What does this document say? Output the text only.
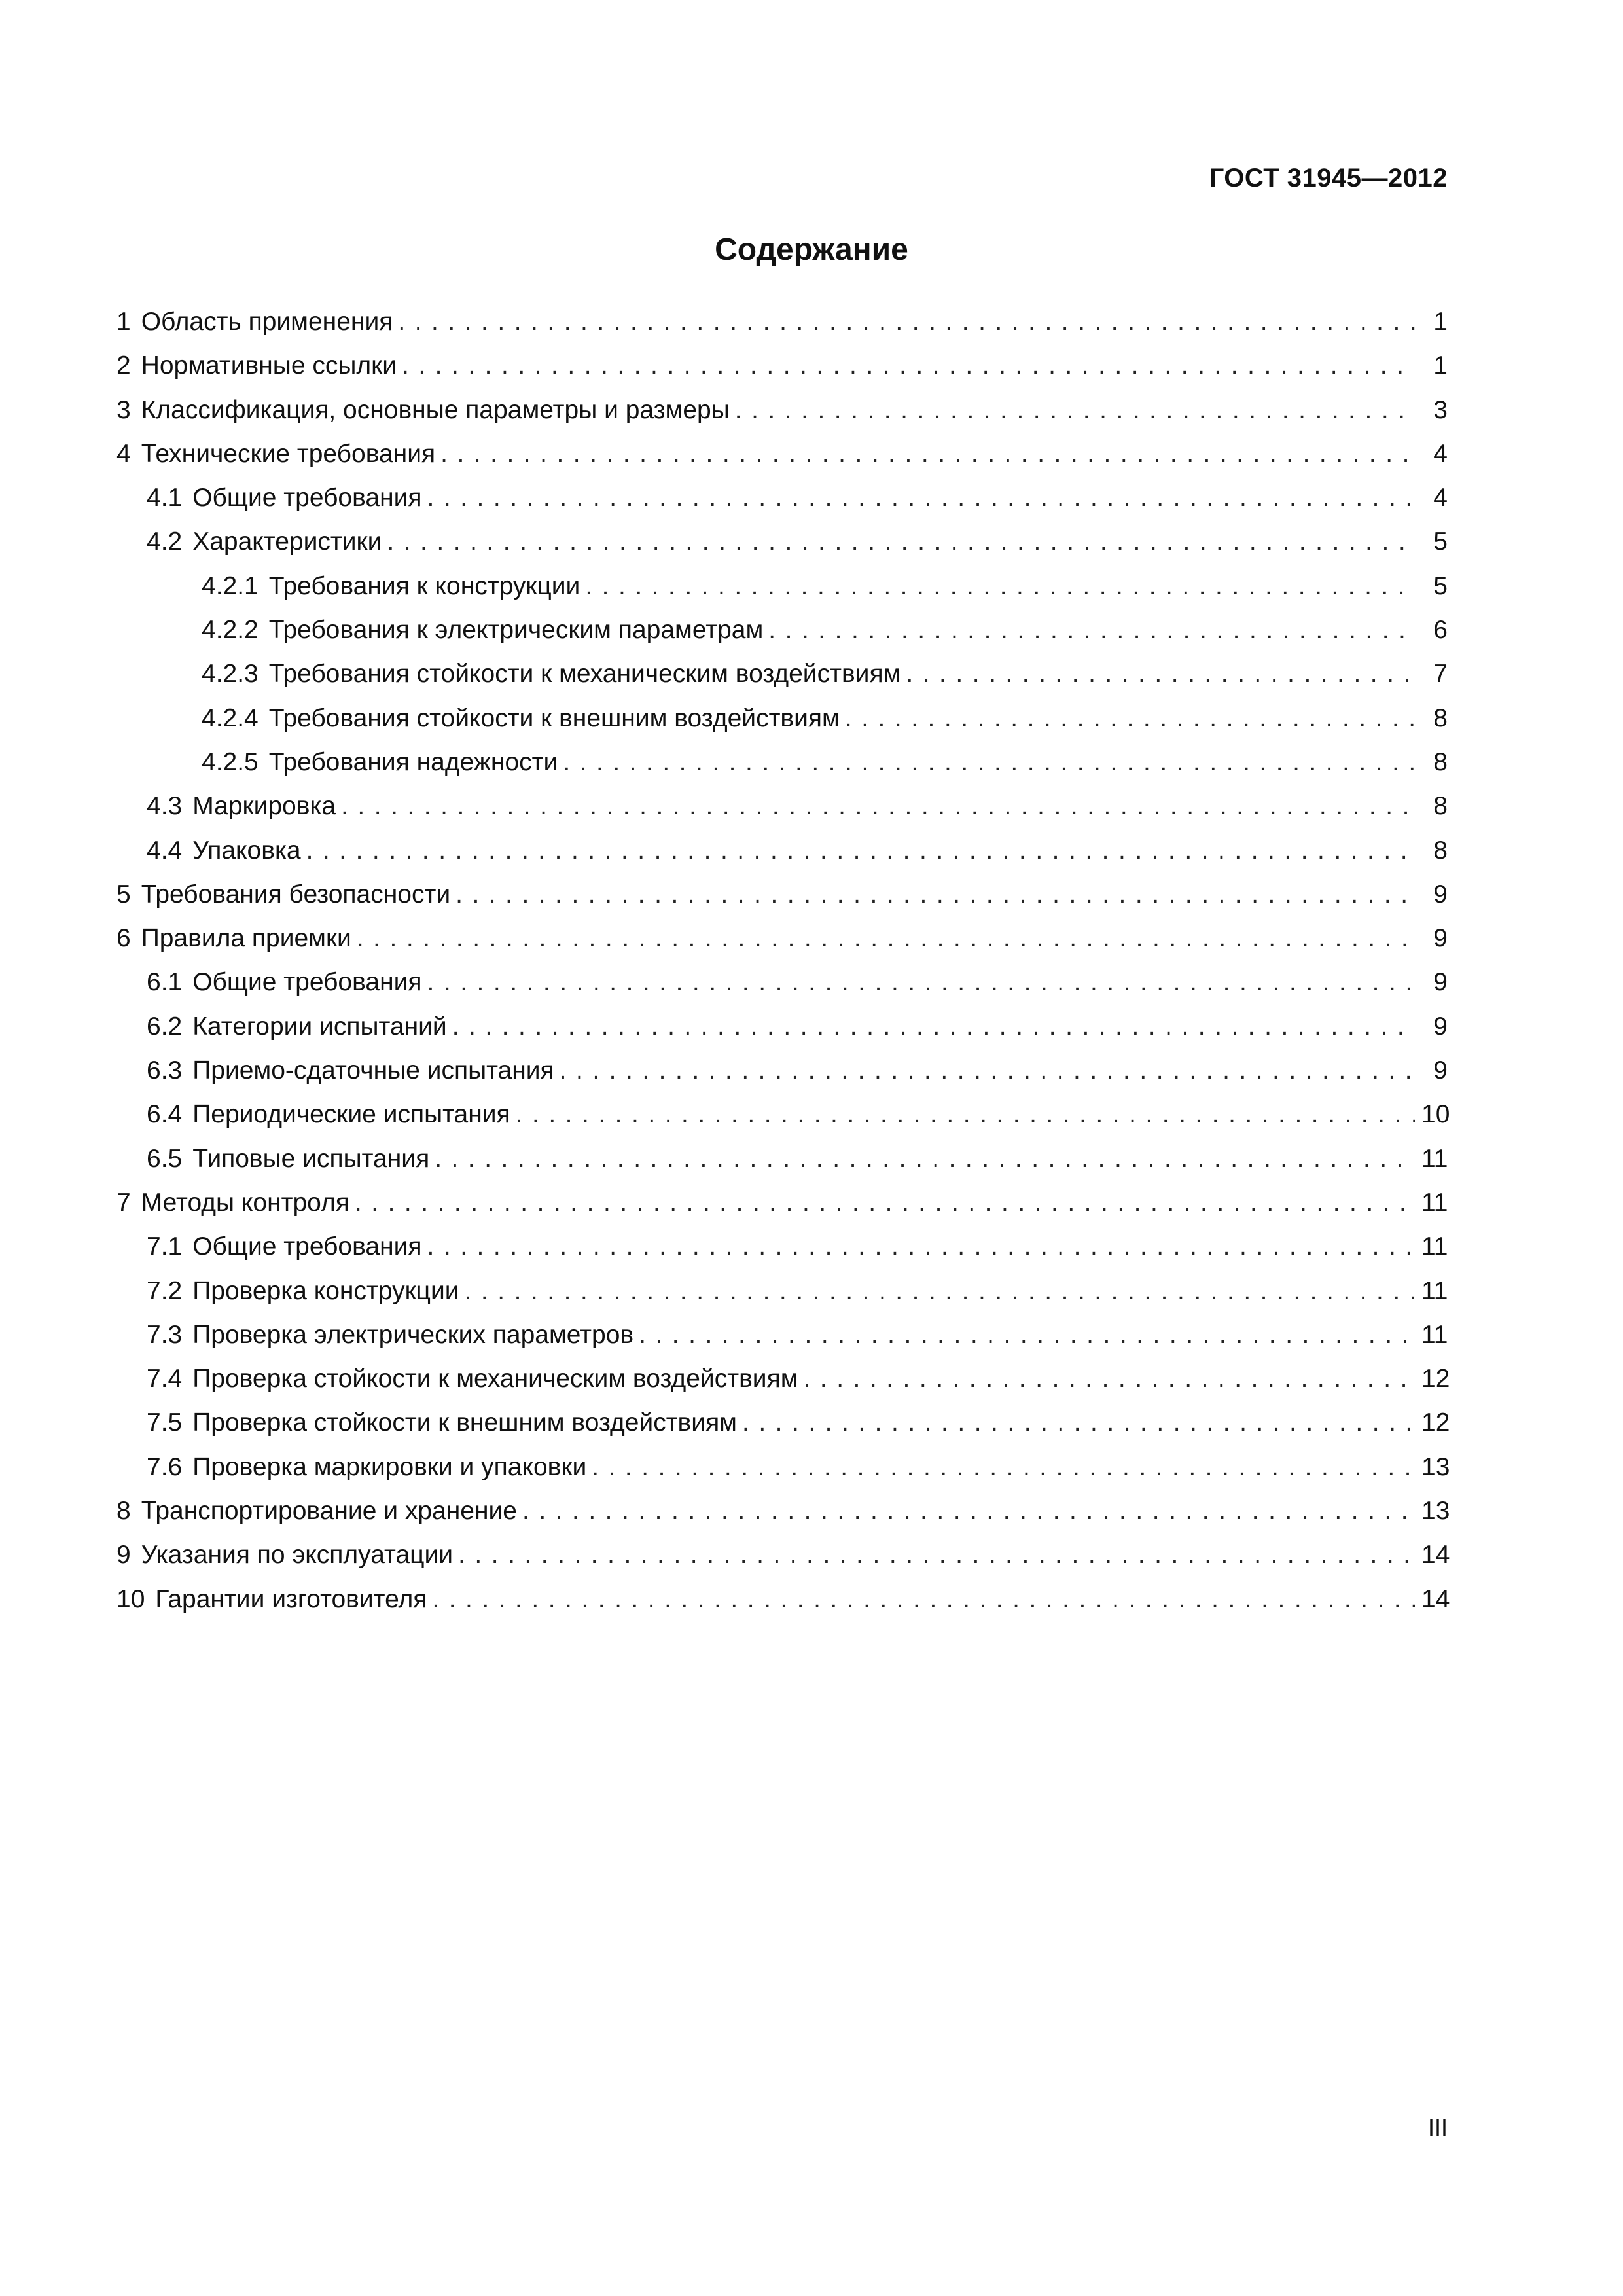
ГОСТ 31945—2012
Содержание
1 Область применения .....	1
2 Нормативные ссылки .....	1
3 Классификация, основные параметры и размеры .....	3
4 Технические требования .....	4
4.1 Общие требования .....	4
4.2 Характеристики .....	5
4.2.1 Требования к конструкции .....	5
4.2.2 Требования к электрическим параметрам .....	6
4.2.3 Требования стойкости к механическим воздействиям .....	7
4.2.4 Требования стойкости к внешним воздействиям .....	8
4.2.5 Требования надежности .....	8
4.3 Маркировка .....	8
4.4 Упаковка .....	8
5 Требования безопасности .....	9
6 Правила приемки .....	9
6.1 Общие требования .....	9
6.2 Категории испытаний .....	9
6.3 Приемо-сдаточные испытания .....	9
6.4 Периодические испытания .....	10
6.5 Типовые испытания .....	11
7 Методы контроля .....	11
7.1 Общие требования .....	11
7.2 Проверка конструкции .....	11
7.3 Проверка электрических параметров .....	11
7.4 Проверка стойкости к механическим воздействиям .....	12
7.5 Проверка стойкости к внешним воздействиям .....	12
7.6 Проверка маркировки и упаковки .....	13
8 Транспортирование и хранение .....	13
9 Указания по эксплуатации .....	14
10 Гарантии изготовителя .....	14
III
